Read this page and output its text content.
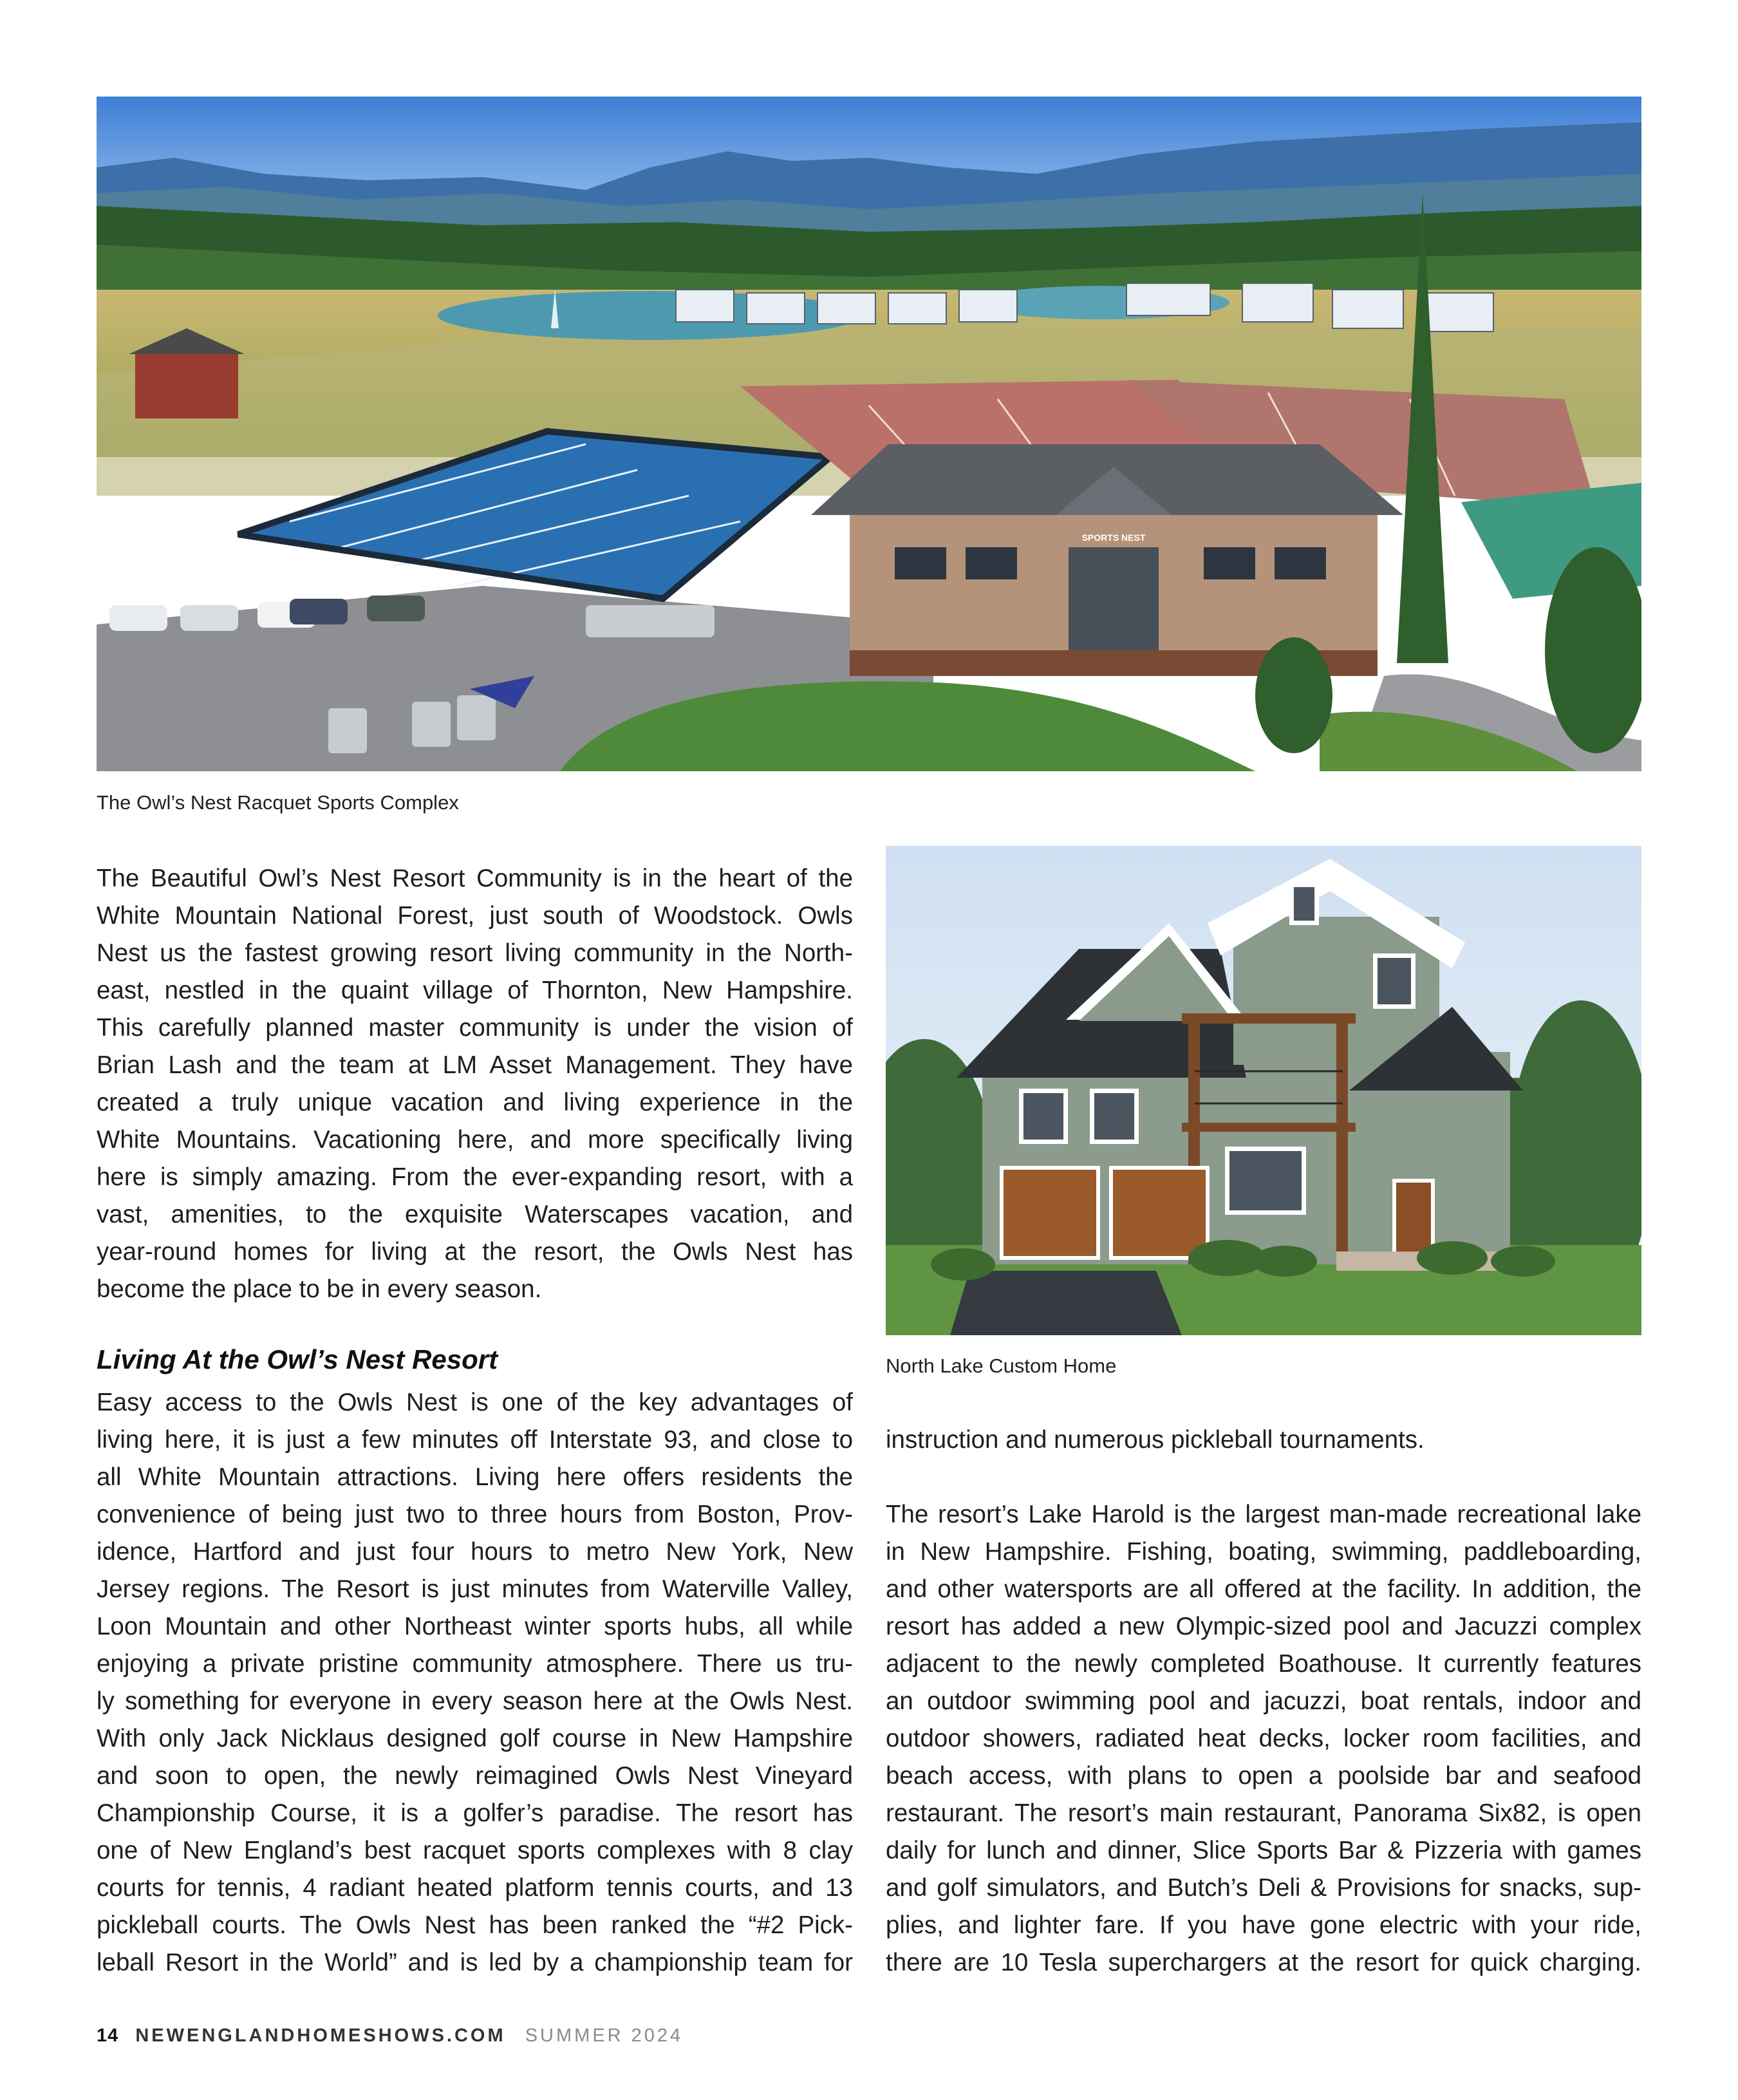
SPORTS NEST
The Owl’s Nest Racquet Sports Complex
North Lake Custom Home
The Beautiful Owl’s Nest Resort Community is in the heart of the
White Mountain National Forest, just south of Woodstock. Owls
Nest us the fastest growing resort living community in the North-
east, nestled in the quaint village of Thornton, New Hampshire.
This carefully planned master community is under the vision of
Brian Lash and the team at LM Asset Management. They have
created a truly unique vacation and living experience in the
White Mountains. Vacationing here, and more specifically living
here is simply amazing. From the ever-expanding resort, with a
vast, amenities, to the exquisite Waterscapes vacation, and
year-round homes for living at the resort, the Owls Nest has
become the place to be in every season.
Living At the Owl’s Nest Resort
Easy access to the Owls Nest is one of the key advantages of
living here, it is just a few minutes off Interstate 93, and close to
all White Mountain attractions. Living here offers residents the
convenience of being just two to three hours from Boston, Prov-
idence, Hartford and just four hours to metro New York, New
Jersey regions. The Resort is just minutes from Waterville Valley,
Loon Mountain and other Northeast winter sports hubs, all while
enjoying a private pristine community atmosphere. There us tru-
ly something for everyone in every season here at the Owls Nest.
With only Jack Nicklaus designed golf course in New Hampshire
and soon to open, the newly reimagined Owls Nest Vineyard
Championship Course, it is a golfer’s paradise. The resort has
one of New England’s best racquet sports complexes with 8 clay
courts for tennis, 4 radiant heated platform tennis courts, and 13
pickleball courts. The Owls Nest has been ranked the “#2 Pick-
leball Resort in the World” and is led by a championship team for
instruction and numerous pickleball tournaments.
The resort’s Lake Harold is the largest man-made recreational lake
in New Hampshire. Fishing, boating, swimming, paddleboarding,
and other watersports are all offered at the facility. In addition, the
resort has added a new Olympic-sized pool and Jacuzzi complex
adjacent to the newly completed Boathouse. It currently features
an outdoor swimming pool and jacuzzi, boat rentals, indoor and
outdoor showers, radiated heat decks, locker room facilities, and
beach access, with plans to open a poolside bar and seafood
restaurant. The resort’s main restaurant, Panorama Six82, is open
daily for lunch and dinner, Slice Sports Bar & Pizzeria with games
and golf simulators, and Butch’s Deli & Provisions for snacks, sup-
plies, and lighter fare. If you have gone electric with your ride,
there are 10 Tesla superchargers at the resort for quick charging.
14 NEWENGLANDHOMESHOWS.COM SUMMER 2024
